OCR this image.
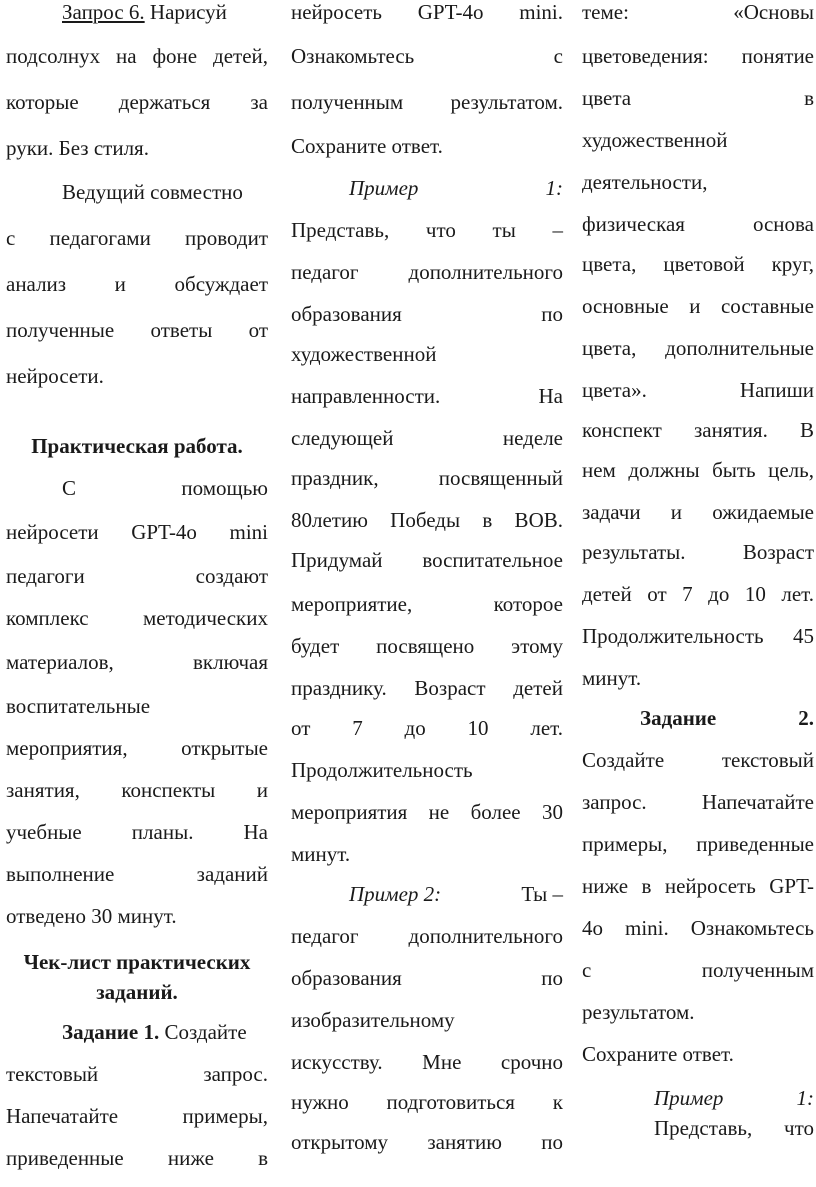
Запрос 6. Нарисуй
подсолнух на фоне детей,
которые держаться за
руки. Без стиля.
Ведущий совместно
с педагогами проводит
анализ и обсуждает
полученные ответы от
нейросети.
Практическая работа.
С помощью
нейросети GPT-4o mini
педагоги создают
комплекс методических
материалов, включая
воспитательные
мероприятия, открытые
занятия, конспекты и
учебные планы. На
выполнение заданий
отведено 30 минут.
Чек-лист практических
заданий.
Задание 1. Создайте
текстовый запрос.
Напечатайте примеры,
приведенные ниже в
нейросеть GPT-4o mini.
Ознакомьтесь с
полученным результатом.
Сохраните ответ.
Пример 1:
Представь, что ты –
педагог дополнительного
образования по
художественной
направленности. На
следующей неделе
праздник, посвященный
80летию Победы в ВОВ.
Придумай воспитательное
мероприятие, которое
будет посвящено этому
празднику. Возраст детей
от 7 до 10 лет.
Продолжительность
мероприятия не более 30
минут.
Пример 2:	Ты –
педагог дополнительного
образования по
изобразительному
искусству. Мне срочно
нужно подготовиться к
открытому занятию по
теме: «Основы
цветоведения: понятие
цвета в
художественной
деятельности,
физическая основа
цвета, цветовой круг,
основные и составные
цвета, дополнительные
цвета». Напиши
конспект занятия. В
нем должны быть цель,
задачи и ожидаемые
результаты. Возраст
детей от 7 до 10 лет.
Продолжительность 45
минут.
Задание 2.
Создайте текстовый
запрос. Напечатайте
примеры, приведенные
ниже в нейросеть GPT-
4o mini. Ознакомьтесь
с полученным
результатом.
Сохраните ответ.
Пример 1:
Представь, что
